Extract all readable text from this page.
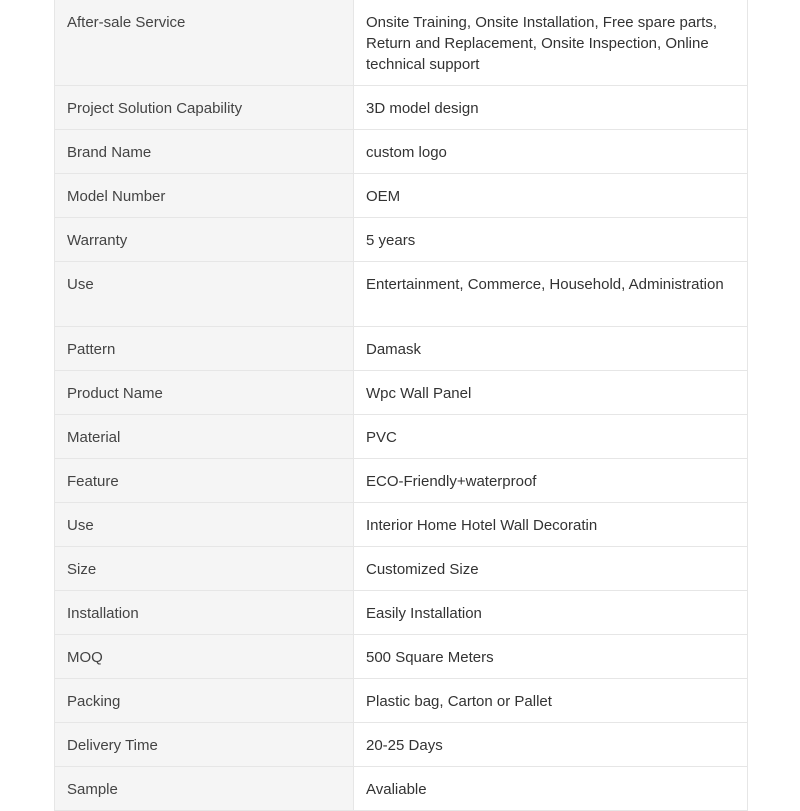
After-sale Service	Onsite Training, Onsite Installation, Free spare parts, Return and Replacement, Onsite Inspection, Online technical support
Project Solution Capability	3D model design
Brand Name	custom logo
Model Number	OEM
Warranty	5 years
Use	Entertainment, Commerce, Household, Administration
Pattern	Damask
Product Name	Wpc Wall Panel
Material	PVC
Feature	ECO-Friendly+waterproof
Use	Interior Home Hotel Wall Decoratin
Size	Customized Size
Installation	Easily Installation
MOQ	500 Square Meters
Packing	Plastic bag, Carton or Pallet
Delivery Time	20-25 Days
Sample	Avaliable
